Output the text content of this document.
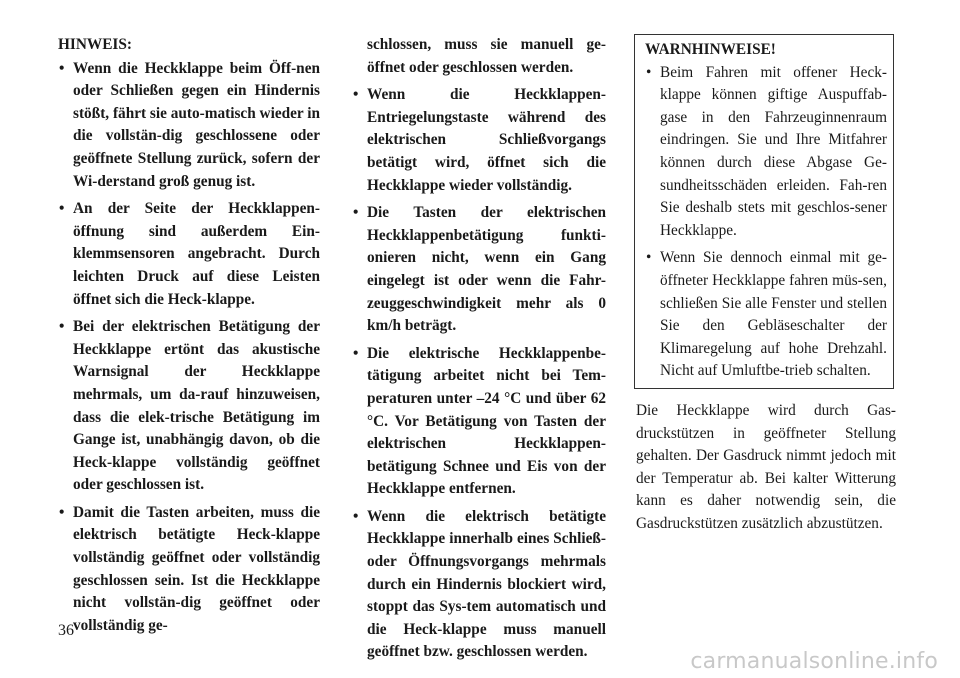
HINWEIS:
• Wenn die Heckklappe beim Öff-nen oder Schließen gegen ein Hindernis stößt, fährt sie auto-matisch wieder in die vollstän-dig geschlossene oder geöffnete Stellung zurück, sofern der Wi-derstand groß genug ist.
• An der Seite der Heckklappen-öffnung sind außerdem Ein-klemmsensoren angebracht. Durch leichten Druck auf diese Leisten öffnet sich die Heck-klappe.
• Bei der elektrischen Betätigung der Heckklappe ertönt das akustische Warnsignal der Heckklappe mehrmals, um da-rauf hinzuweisen, dass die elek-trische Betätigung im Gange ist, unabhängig davon, ob die Heck-klappe vollständig geöffnet oder geschlossen ist.
• Damit die Tasten arbeiten, muss die elektrisch betätigte Heck-klappe vollständig geöffnet oder vollständig geschlossen sein. Ist die Heckklappe nicht vollstän-dig geöffnet oder vollständig ge-
schlossen, muss sie manuell ge-öffnet oder geschlossen werden.
• Wenn die Heckklappen-Entriegelungstaste während des elektrischen Schließvorgangs betätigt wird, öffnet sich die Heckklappe wieder vollständig.
• Die Tasten der elektrischen Heckklappenbetätigung funkti-onieren nicht, wenn ein Gang eingelegt ist oder wenn die Fahr-zeuggeschwindigkeit mehr als 0 km/h beträgt.
• Die elektrische Heckklappenbe-tätigung arbeitet nicht bei Tem-peraturen unter –24 °C und über 62 °C. Vor Betätigung von Tasten der elektrischen Heckklappen-betätigung Schnee und Eis von der Heckklappe entfernen.
• Wenn die elektrisch betätigte Heckklappe innerhalb eines Schließ- oder Öffnungsvorgangs mehrmals durch ein Hindernis blockiert wird, stoppt das Sys-tem automatisch und die Heck-klappe muss manuell geöffnet bzw. geschlossen werden.
WARNHINWEISE!
• Beim Fahren mit offener Heck-klappe können giftige Auspuffab-gase in den Fahrzeuginnenraum eindringen. Sie und Ihre Mitfahrer können durch diese Abgase Ge-sundheitsschäden erleiden. Fah-ren Sie deshalb stets mit geschlos-sener Heckklappe.
• Wenn Sie dennoch einmal mit ge-öffneter Heckklappe fahren müs-sen, schließen Sie alle Fenster und stellen Sie den Gebläseschalter der Klimaregelung auf hohe Drehzahl. Nicht auf Umluftbe-trieb schalten.

Die Heckklappe wird durch Gas-druckstützen in geöffneter Stellung gehalten. Der Gasdruck nimmt jedoch mit der Temperatur ab. Bei kalter Witterung kann es daher notwendig sein, die Gasdruckstützen zusätzlich abzustützen.

36
carmanualsonline.info
